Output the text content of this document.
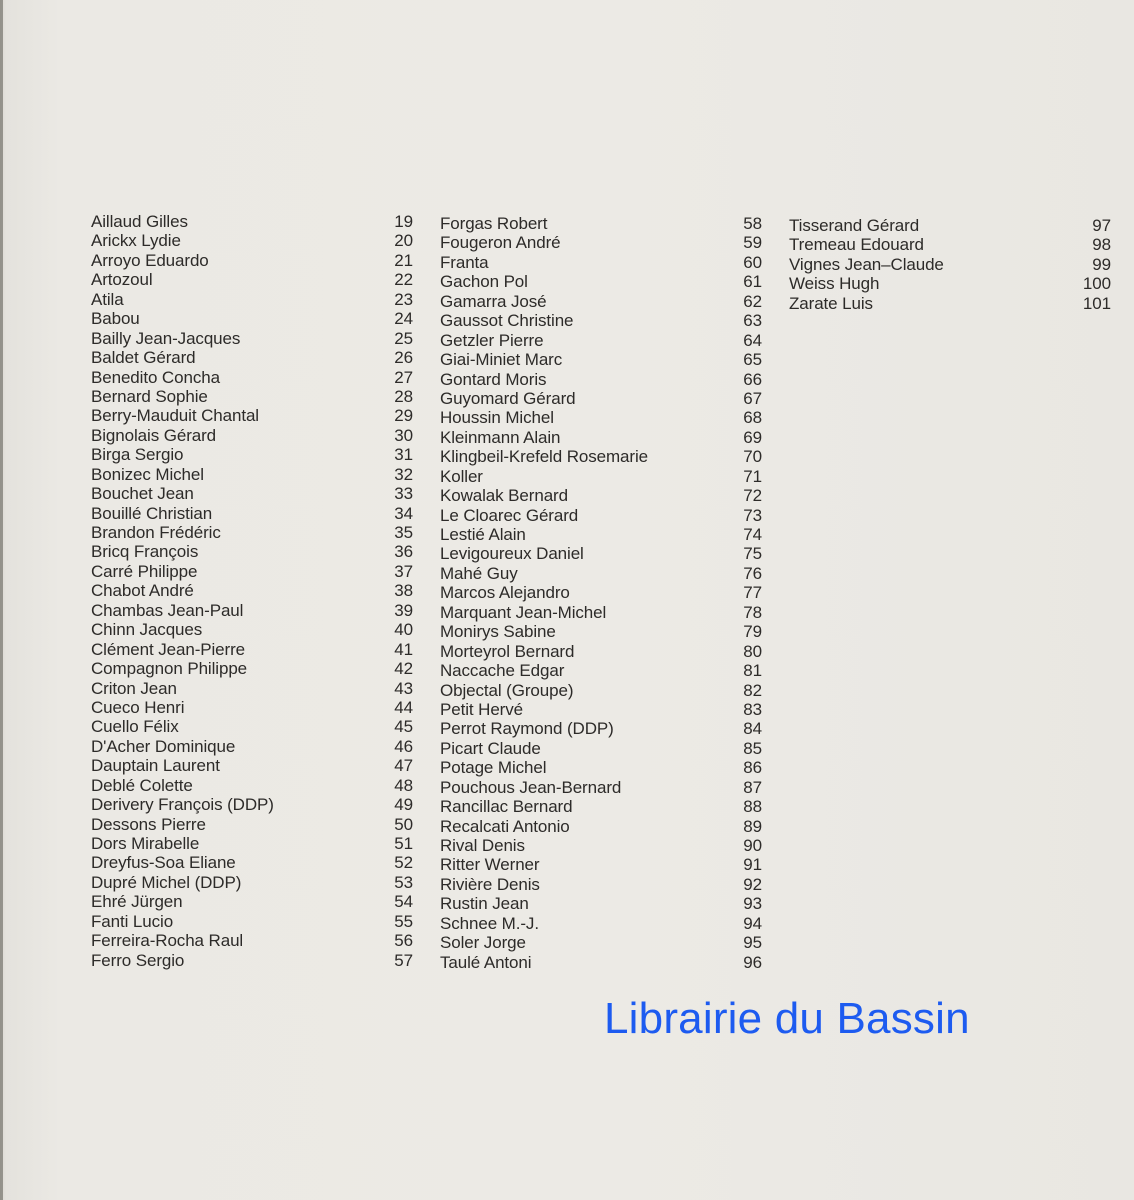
Aillaud Gilles	19
Arickx Lydie	20
Arroyo Eduardo	21
Artozoul	22
Atila	23
Babou	24
Bailly Jean-Jacques	25
Baldet Gérard	26
Benedito Concha	27
Bernard Sophie	28
Berry-Mauduit Chantal	29
Bignolais Gérard	30
Birga Sergio	31
Bonizec Michel	32
Bouchet Jean	33
Bouillé Christian	34
Brandon Frédéric	35
Bricq François	36
Carré Philippe	37
Chabot André	38
Chambas Jean-Paul	39
Chinn Jacques	40
Clément Jean-Pierre	41
Compagnon Philippe	42
Criton Jean	43
Cueco Henri	44
Cuello Félix	45
D'Acher Dominique	46
Dauptain Laurent	47
Deblé Colette	48
Derivery François (DDP)	49
Dessons Pierre	50
Dors Mirabelle	51
Dreyfus-Soa Eliane	52
Dupré Michel (DDP)	53
Ehré Jürgen	54
Fanti Lucio	55
Ferreira-Rocha Raul	56
Ferro Sergio	57
Forgas Robert	58
Fougeron André	59
Franta	60
Gachon Pol	61
Gamarra José	62
Gaussot Christine	63
Getzler Pierre	64
Giai-Miniet Marc	65
Gontard Moris	66
Guyomard Gérard	67
Houssin Michel	68
Kleinmann Alain	69
Klingbeil-Krefeld Rosemarie	70
Koller	71
Kowalak Bernard	72
Le Cloarec Gérard	73
Lestié Alain	74
Levigoureux Daniel	75
Mahé Guy	76
Marcos Alejandro	77
Marquant Jean-Michel	78
Monirys Sabine	79
Morteyrol Bernard	80
Naccache Edgar	81
Objectal (Groupe)	82
Petit Hervé	83
Perrot Raymond (DDP)	84
Picart Claude	85
Potage Michel	86
Pouchous Jean-Bernard	87
Rancillac Bernard	88
Recalcati Antonio	89
Rival Denis	90
Ritter Werner	91
Rivière Denis	92
Rustin Jean	93
Schnee M.-J.	94
Soler Jorge	95
Taulé Antoni	96
Tisserand Gérard	97
Tremeau Edouard	98
Vignes Jean–Claude	99
Weiss Hugh	100
Zarate Luis	101
Librairie du Bassin
